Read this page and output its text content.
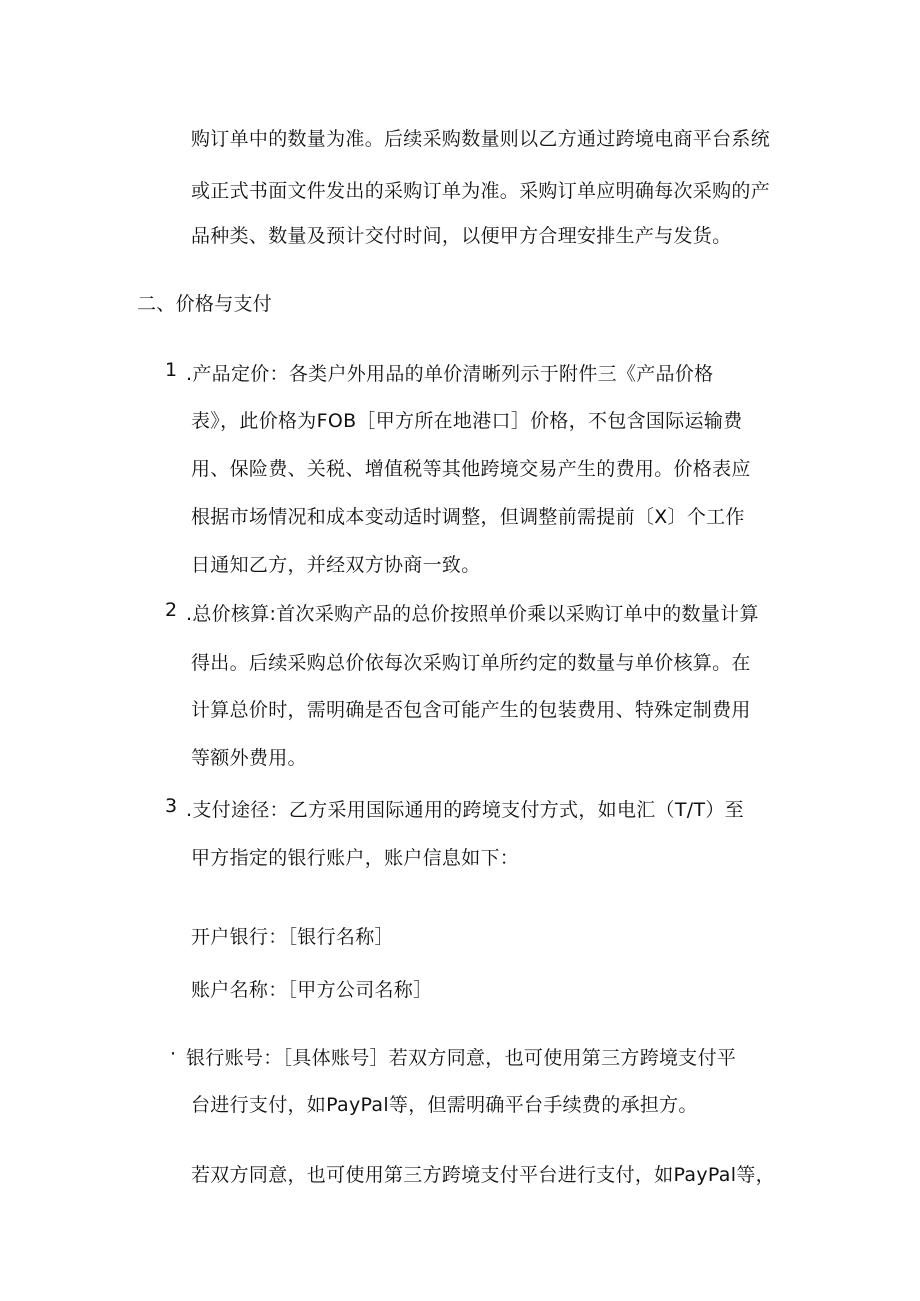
购订单中的数量为准。后续采购数量则以乙方通过跨境电商平台系统
或正式书面文件发出的采购订单为准。采购订单应明确每次采购的产
品种类、数量及预计交付时间，以便甲方合理安排生产与发货。
二、价格与支付
1 .产品定价：各类户外用品的单价清晰列示于附件三《产品价格
表》，此价格为FOB［甲方所在地港口］价格，不包含国际运输费
用、保险费、关税、增值税等其他跨境交易产生的费用。价格表应
根据市场情况和成本变动适时调整，但调整前需提前〔X〕个工作
日通知乙方，并经双方协商一致。
2 .总价核算:首次采购产品的总价按照单价乘以采购订单中的数量计算
得出。后续采购总价依每次采购订单所约定的数量与单价核算。在
计算总价时，需明确是否包含可能产生的包装费用、特殊定制费用
等额外费用。
3 .支付途径：乙方采用国际通用的跨境支付方式，如电汇（T/T）至
甲方指定的银行账户，账户信息如下：
开户银行：［银行名称］
账户名称：［甲方公司名称］
· 银行账号：［具体账号］若双方同意，也可使用第三方跨境支付平
台进行支付，如PayPal等，但需明确平台手续费的承担方。
若双方同意，也可使用第三方跨境支付平台进行支付，如PayPal等，
